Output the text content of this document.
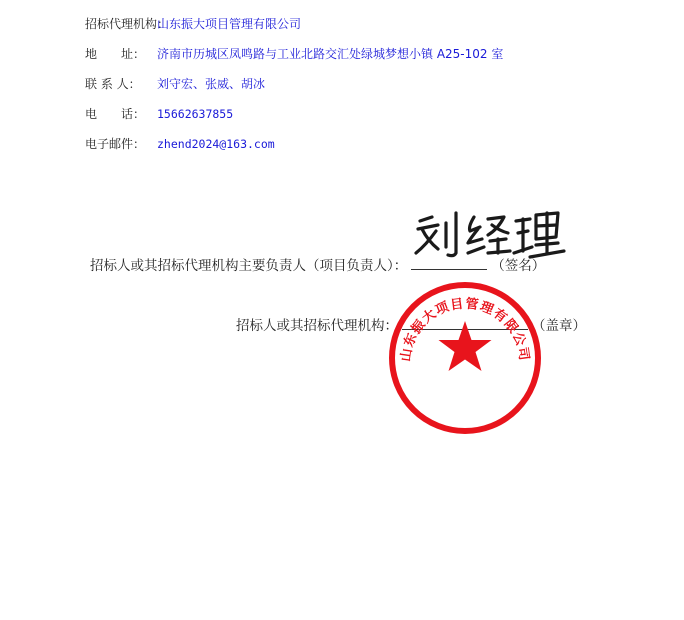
招标代理机构：山东振大项目管理有限公司
地　　址： 济南市历城区凤鸣路与工业北路交汇处绿城梦想小镇 A25-102 室
联 系 人： 刘守宏、张威、胡冰
电　　话： 15662637855
电子邮件： zhend2024@163.com
招标人或其招标代理机构主要负责人（项目负责人）：	（签名）
招标人或其招标代理机构：	（盖章）
山东振大项目管理有限公司
